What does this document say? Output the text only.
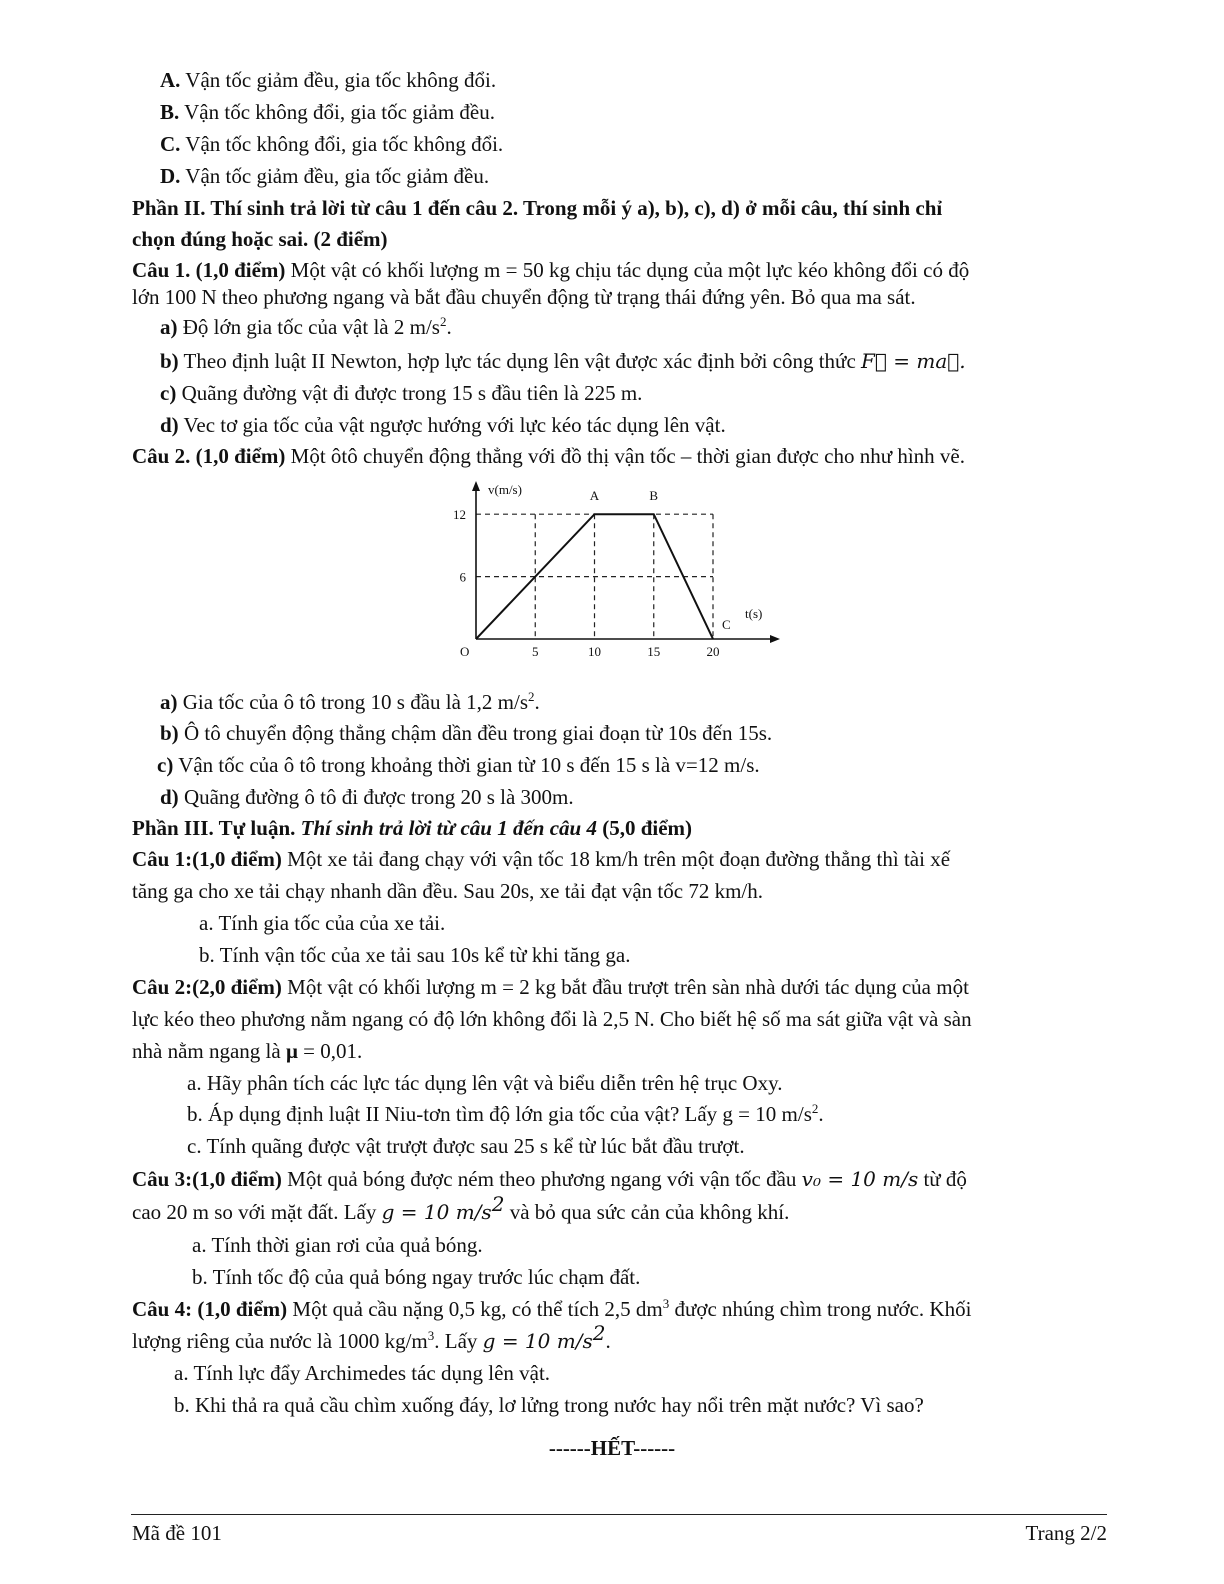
A. Vận tốc giảm đều, gia tốc không đổi.
B. Vận tốc không đổi, gia tốc giảm đều.
C. Vận tốc không đổi, gia tốc không đổi.
D. Vận tốc giảm đều, gia tốc giảm đều.
Phần II. Thí sinh trả lời từ câu 1 đến câu 2. Trong mỗi ý a), b), c), d) ở mỗi câu, thí sinh chỉ
chọn đúng hoặc sai. (2 điểm)
Câu 1. (1,0 điểm) Một vật có khối lượng m = 50 kg chịu tác dụng của một lực kéo không đổi có độ
lớn 100 N theo phương ngang và bắt đầu chuyển động từ trạng thái đứng yên. Bỏ qua ma sát.
a) Độ lớn gia tốc của vật là 2 $m/s^2$.
b) Theo định luật II Newton, hợp lực tác dụng lên vật được xác định bởi công thức F⃗ = ma⃗.
c) Quãng đường vật đi được trong 15 s đầu tiên là 225 m.
d) Vec tơ gia tốc của vật ngược hướng với lực kéo tác dụng lên vật.
Câu 2. (1,0 điểm) Một ôtô chuyển động thẳng với đồ thị vận tốc – thời gian được cho như hình vẽ.
v(m/s)
t(s)
O	5	10	15	20
6
12
A	B
C
a) Gia tốc của ô tô trong 10 s đầu là 1,2 $m/s^2$.
b) Ô tô chuyển động thẳng chậm dần đều trong giai đoạn từ 10s đến 15s.
c) Vận tốc của ô tô trong khoảng thời gian từ 10 s đến 15 s là v=12 m/s.
d) Quãng đường ô tô đi được trong 20 s là 300m.
Phần III. Tự luận. Thí sinh trả lời từ câu 1 đến câu 4 (5,0 điểm)
Câu 1:(1,0 điểm) Một xe tải đang chạy với vận tốc 18 km/h trên một đoạn đường thẳng thì tài xế
tăng ga cho xe tải chạy nhanh dần đều. Sau 20s, xe tải đạt vận tốc 72 km/h.
a. Tính gia tốc của của xe tải.
b. Tính vận tốc của xe tải sau 10s kể từ khi tăng ga.
Câu 2:(2,0 điểm) Một vật có khối lượng m = 2 kg bắt đầu trượt trên sàn nhà dưới tác dụng của một
lực kéo theo phương nằm ngang có độ lớn không đổi là 2,5 N. Cho biết hệ số ma sát giữa vật và sàn
nhà nằm ngang là μ = 0,01.
a. Hãy phân tích các lực tác dụng lên vật và biểu diễn trên hệ trục Oxy.
b. Áp dụng định luật II Niu-tơn tìm độ lớn gia tốc của vật? Lấy g = 10 $m/s^2$.
c. Tính quãng được vật trượt được sau 25 s kể từ lúc bắt đầu trượt.
Câu 3:(1,0 điểm) Một quả bóng được ném theo phương ngang với vận tốc đầu v₀ = 10 m/s từ độ
cao 20 m so với mặt đất. Lấy g = 10 $m/s^2$ và bỏ qua sức cản của không khí.
a. Tính thời gian rơi của quả bóng.
b. Tính tốc độ của quả bóng ngay trước lúc chạm đất.
Câu 4: (1,0 điểm) Một quả cầu nặng 0,5 kg, có thể tích 2,5 $dm^3$ được nhúng chìm trong nước. Khối
lượng riêng của nước là 1000 $kg/m^3$. Lấy g = 10 $m/s^2$.
a. Tính lực đẩy Archimedes tác dụng lên vật.
b. Khi thả ra quả cầu chìm xuống đáy, lơ lửng trong nước hay nổi trên mặt nước? Vì sao?
------HẾT------
Mã đề 101	Trang 2/2
